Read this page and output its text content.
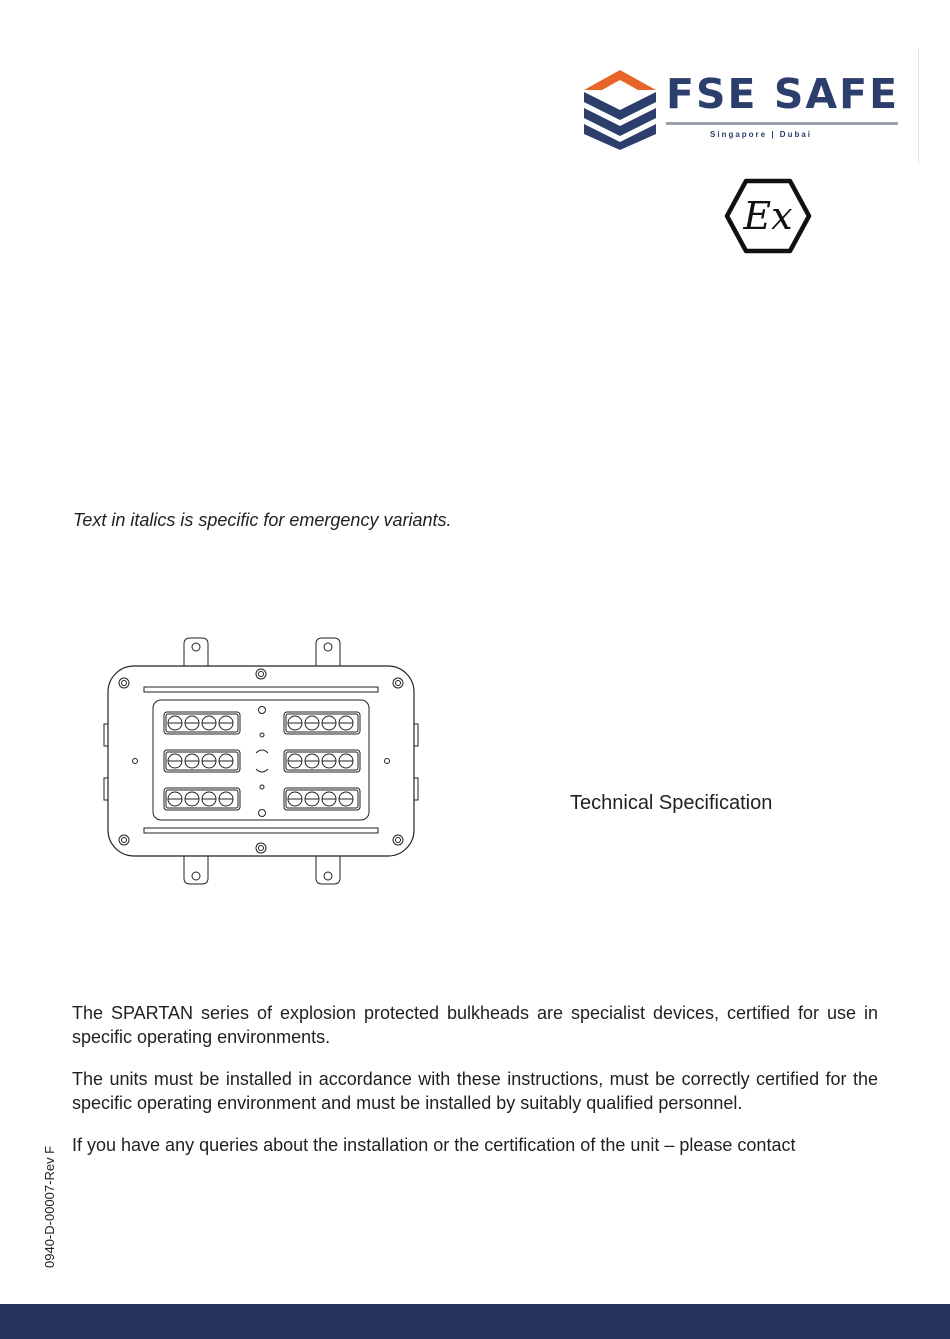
FSE SAFE
Singapore | Dubai
Ex
Text in italics is specific for emergency variants.
Technical Specification

The SPARTAN series of explosion protected bulkheads are specialist devices, certified for use in specific operating environments.

The units must be installed in accordance with these instructions, must be correctly certified for the specific operating environment and must be installed by suitably qualified personnel.

If you have any queries about the installation or the certification of the unit – please contact

0940-D-00007-Rev F
